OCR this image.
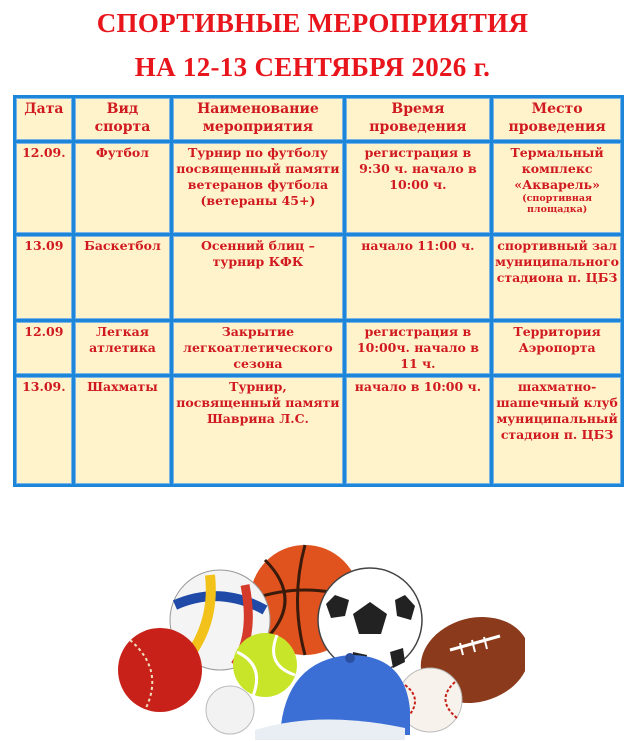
СПОРТИВНЫЕ МЕРОПРИЯТИЯ
НА 12-13 СЕНТЯБРЯ 2026 г.
Дата	Вид спорта	Наименование мероприятия	Время проведения	Место проведения
12.09.	Футбол	Турнир по футболу посвященный памяти ветеранов футбола (ветераны 45+)	регистрация в 9:30 ч. начало в 10:00 ч.	Термальный комплекс «Акварель»
(спортивная площадка)

13.09	Баскетбол	Осенний блиц – турнир КФК	начало 11:00 ч.	спортивный зал муниципального стадиона п. ЦБЗ
12.09	Легкая атлетика	Закрытие легкоатлетического сезона	регистрация в 10:00ч. начало в 11 ч.	Территория Аэропорта
13.09.	Шахматы	Турнир, посвященный памяти Шаврина Л.С.	начало в 10:00 ч.	шахматно-шашечный клуб муниципальный стадион п. ЦБЗ
